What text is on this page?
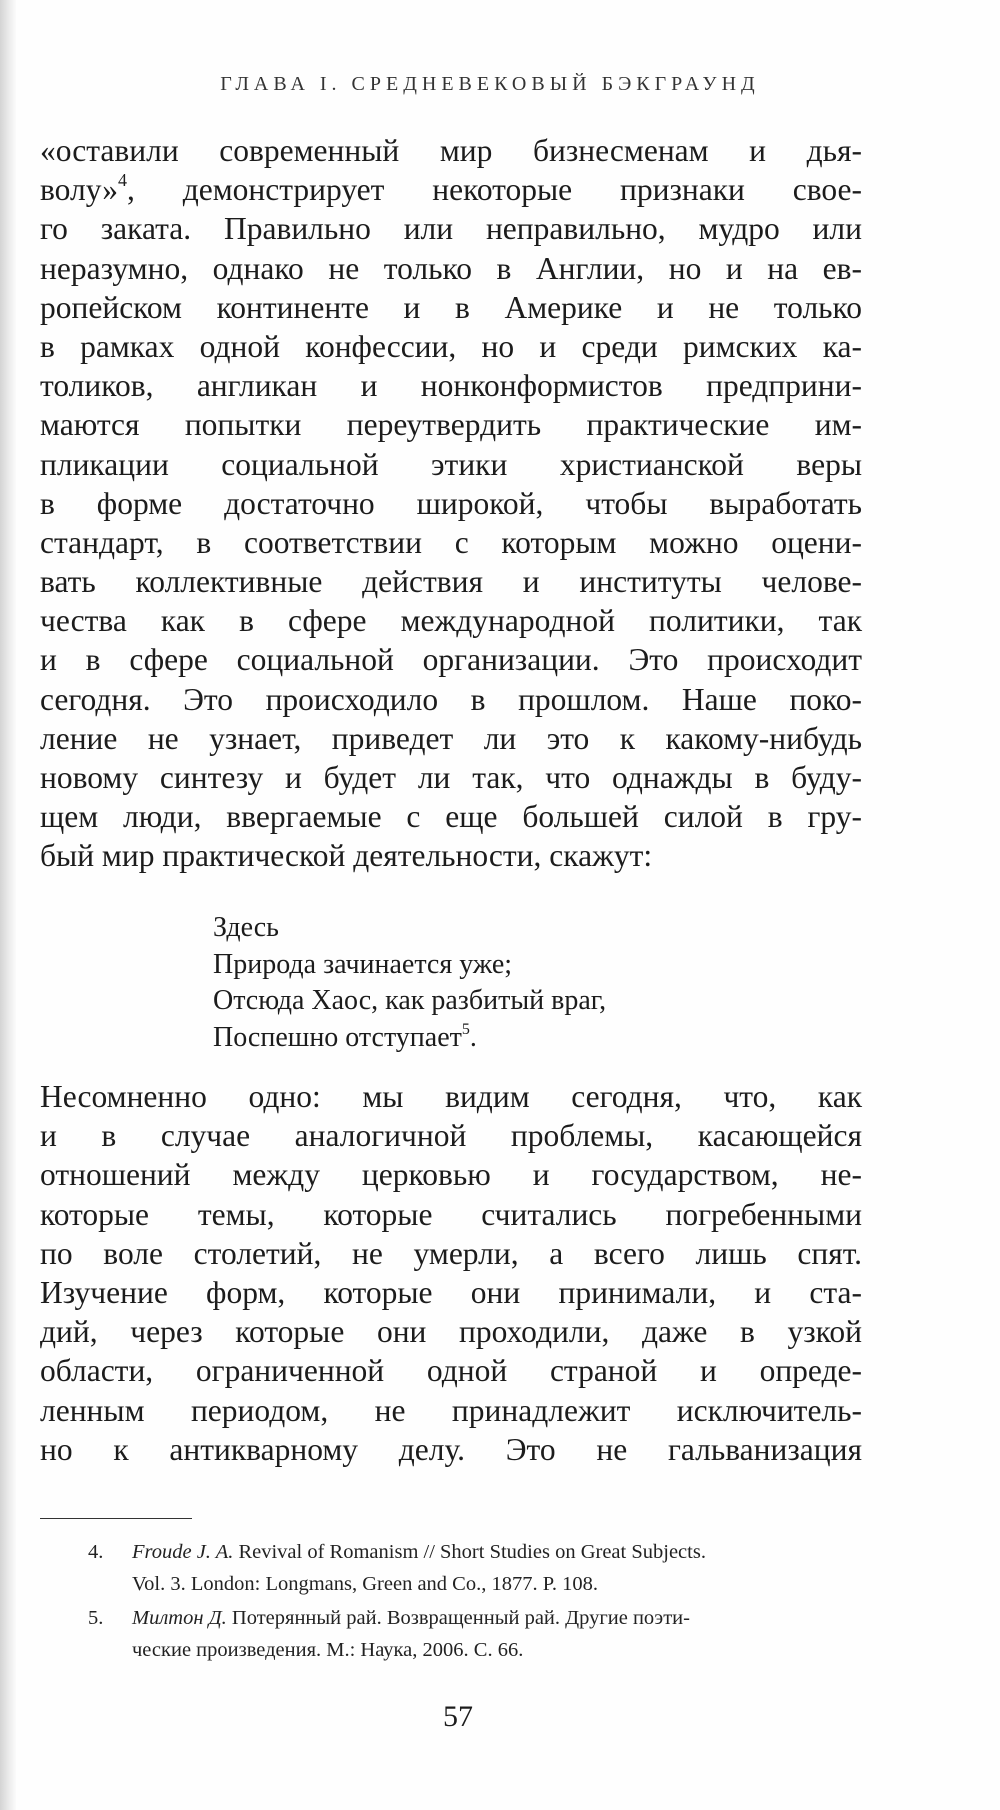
ГЛАВА I. СРЕДНЕВЕКОВЫЙ БЭКГРАУНД
«оставили современный мир бизнесменам и дья-
волу»$^4$, демонстрирует некоторые признаки свое-
го заката. Правильно или неправильно, мудро или
неразумно, однако не только в Англии, но и на ев-
ропейском континенте и в Америке и не только
в рамках одной конфессии, но и среди римских ка-
толиков, англикан и нонконформистов предприни-
маются попытки переутвердить практические им-
пликации социальной этики христианской веры
в форме достаточно широкой, чтобы выработать
стандарт, в соответствии с которым можно оцени-
вать коллективные действия и институты челове-
чества как в сфере международной политики, так
и в сфере социальной организации. Это происходит
сегодня. Это происходило в прошлом. Наше поко-
ление не узнает, приведет ли это к какому-нибудь
новому синтезу и будет ли так, что однажды в буду-
щем люди, ввергаемые с еще большей силой в гру-
бый мир практической деятельности, скажут:
Здесь
Природа зачинается уже;
Отсюда Хаос, как разбитый враг,
Поспешно отступает$^5$.
Несомненно одно: мы видим сегодня, что, как
и в случае аналогичной проблемы, касающейся
отношений между церковью и государством, не-
которые темы, которые считались погребенными
по воле столетий, не умерли, а всего лишь спят.
Изучение форм, которые они принимали, и ста-
дий, через которые они проходили, даже в узкой
области, ограниченной одной страной и опреде-
ленным периодом, не принадлежит исключитель-
но к антикварному делу. Это не гальванизация
4. Froude J. A. Revival of Romanism // Short Studies on Great Subjects.
Vol. 3. London: Longmans, Green and Co., 1877. P. 108.
5. Милтон Д. Потерянный рай. Возвращенный рай. Другие поэти-
ческие произведения. М.: Наука, 2006. С. 66.
57
